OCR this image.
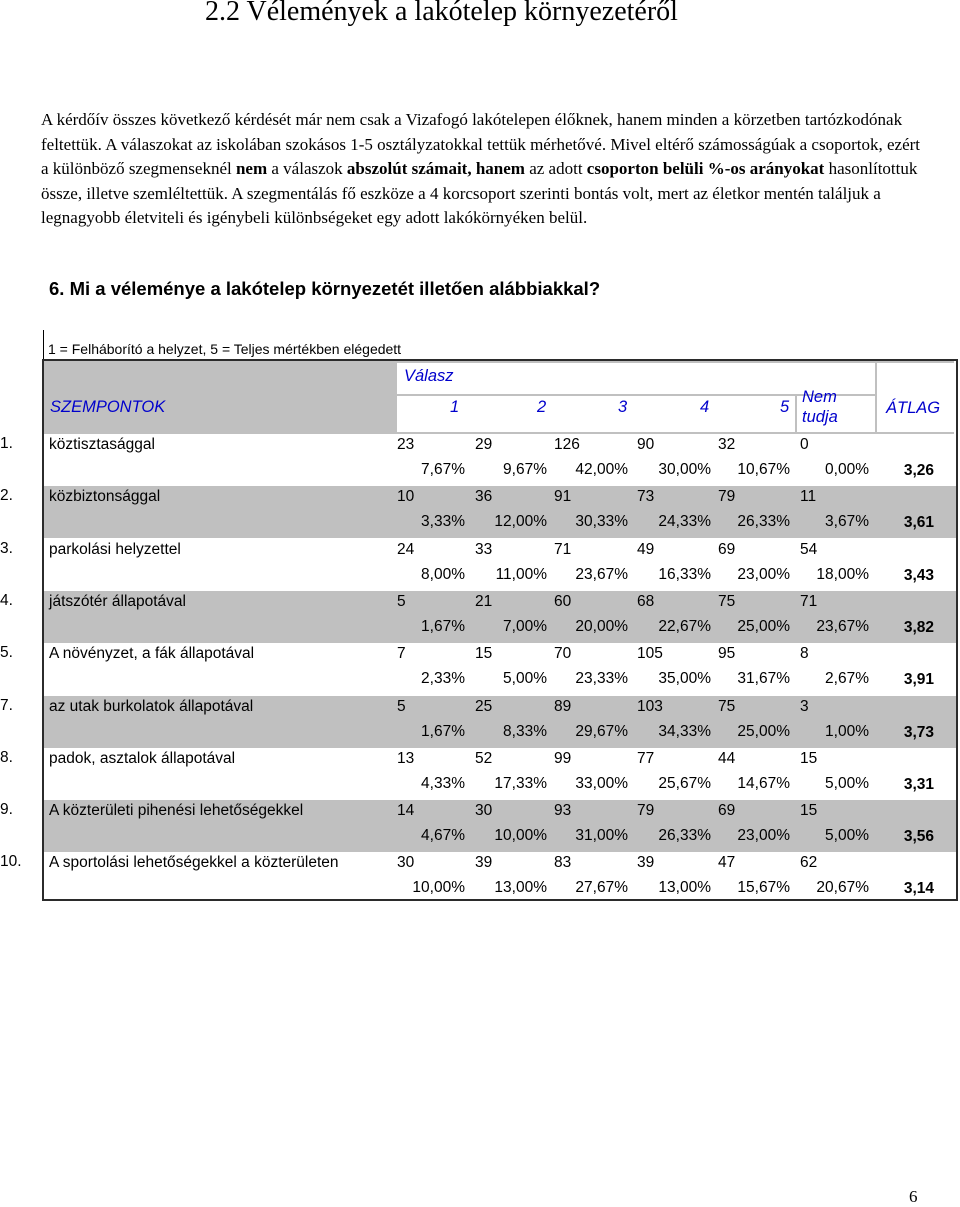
2.2 Vélemények a lakótelep környezetéről
A kérdőív összes következő kérdését már nem csak a Vizafogó lakótelepen élőknek, hanem minden a körzetben tartózkodónak feltettük. A válaszokat az iskolában szokásos 1-5 osztályzatokkal tettük mérhetővé. Mivel eltérő számosságúak a csoportok, ezért a különböző szegmenseknél nem a válaszok abszolút számait, hanem az adott csoporton belüli %-os arányokat hasonlítottuk össze, illetve szemléltettük. A szegmentálás fő eszköze a 4 korcsoport szerinti bontás volt, mert az életkor mentén találjuk a legnagyobb életviteli és igénybeli különbségeket egy adott lakókörnyéken belül.
6. Mi a véleménye a lakótelep környezetét illetően alábbiakkal?
1 = Felháborító a helyzet, 5 = Teljes mértékben elégedett
Válasz
SZEMPONTOK	1	2	3	4	5
Nem
tudja	ÁTLAG
1. köztisztasággal	23	29	126	90	32	0
7,67%	9,67%	42,00%	30,00%	10,67%	0,00%	3,26
2. közbiztonsággal	10	36	91	73	79	11
3,33%	12,00%	30,33%	24,33%	26,33%	3,67%	3,61
3. parkolási helyzettel	24	33	71	49	69	54
8,00%	11,00%	23,67%	16,33%	23,00%	18,00%	3,43
4. játszótér állapotával	5	21	60	68	75	71
1,67%	7,00%	20,00%	22,67%	25,00%	23,67%	3,82
5. A növényzet, a fák állapotával	7	15	70	105	95	8
2,33%	5,00%	23,33%	35,00%	31,67%	2,67%	3,91
7. az utak burkolatok állapotával	5	25	89	103	75	3
1,67%	8,33%	29,67%	34,33%	25,00%	1,00%	3,73
8. padok, asztalok állapotával	13	52	99	77	44	15
4,33%	17,33%	33,00%	25,67%	14,67%	5,00%	3,31
9. A közterületi pihenési lehetőségekkel	14	30	93	79	69	15
4,67%	10,00%	31,00%	26,33%	23,00%	5,00%	3,56
10. A sportolási lehetőségekkel a közterületen	30	39	83	39	47	62
10,00%	13,00%	27,67%	13,00%	15,67%	20,67%	3,14
6
